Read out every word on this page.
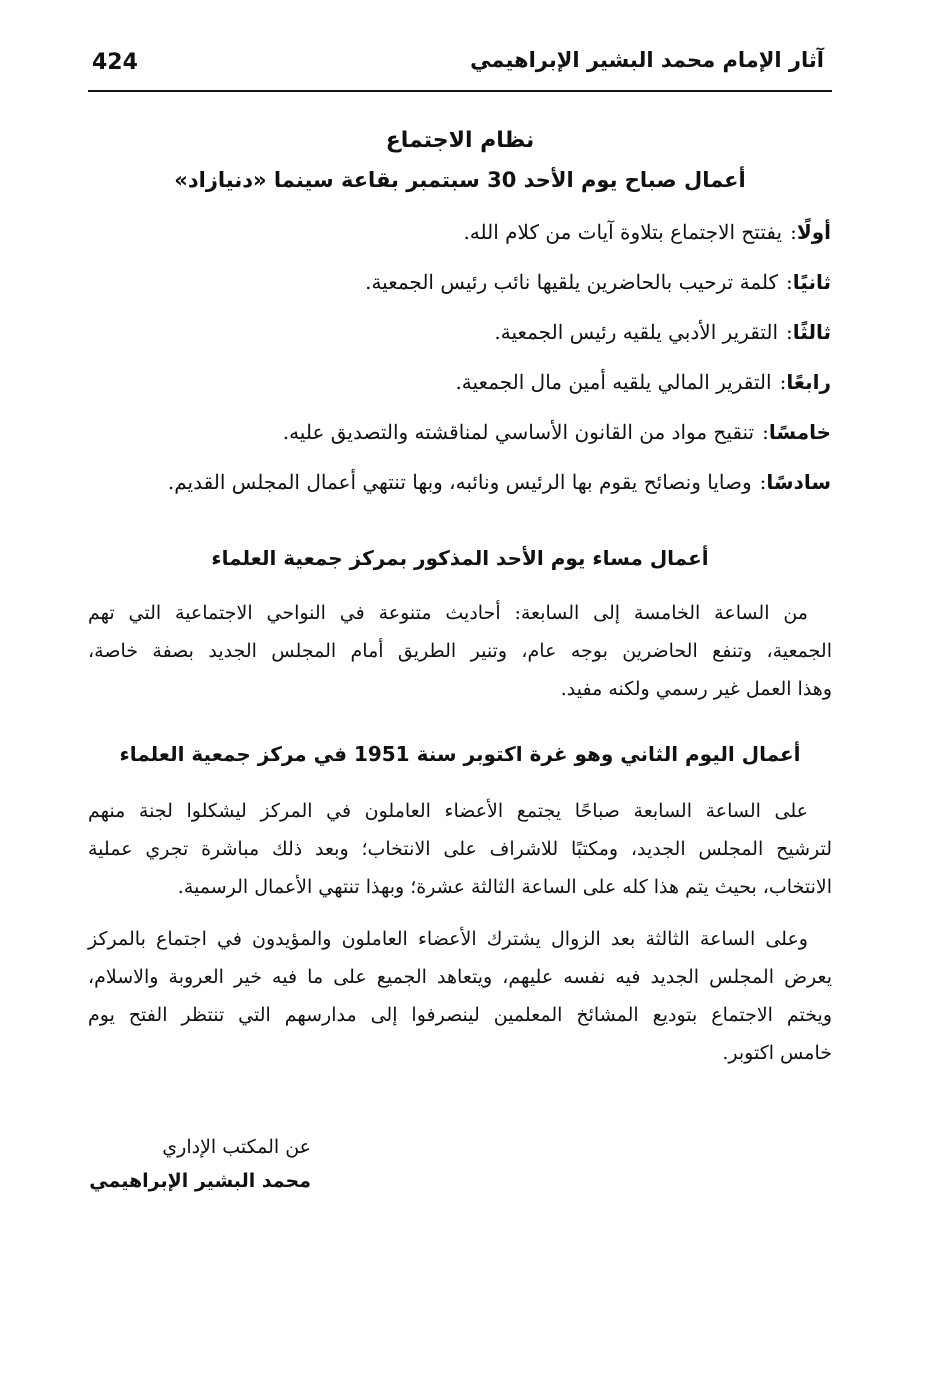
424	آثار الإمام محمد البشير الإبراهيمي
نظام الاجتماع
أعمال صباح يوم الأحد 30 سبتمبر بقاعة سينما «دنيازاد»
أولًا:يفتتح الاجتماع بتلاوة آيات من كلام الله.
ثانيًا:كلمة ترحيب بالحاضرين يلقيها نائب رئيس الجمعية.
ثالثًا:التقرير الأدبي يلقيه رئيس الجمعية.
رابعًا:التقرير المالي يلقيه أمين مال الجمعية.
خامسًا:تنقيح مواد من القانون الأساسي لمناقشته والتصديق عليه.
سادسًا:وصايا ونصائح يقوم بها الرئيس ونائبه، وبها تنتهي أعمال المجلس القديم.
أعمال مساء يوم الأحد المذكور بمركز جمعية العلماء

من الساعة الخامسة إلى السابعة: أحاديث متنوعة في النواحي الاجتماعية التي تهم
الجمعية، وتنفع الحاضرين بوجه عام، وتنير الطريق أمام المجلس الجديد بصفة خاصة،
وهذا العمل غير رسمي ولكنه مفيد.

أعمال اليوم الثاني وهو غرة اكتوبر سنة 1951 في مركز جمعية العلماء

على الساعة السابعة صباحًا يجتمع الأعضاء العاملون في المركز ليشكلوا لجنة منهم
لترشيح المجلس الجديد، ومكتبًا للاشراف على الانتخاب؛ وبعد ذلك مباشرة تجري عملية
الانتخاب، بحيث يتم هذا كله على الساعة الثالثة عشرة؛ وبهذا تنتهي الأعمال الرسمية.

وعلى الساعة الثالثة بعد الزوال يشترك الأعضاء العاملون والمؤيدون في اجتماع بالمركز
يعرض المجلس الجديد فيه نفسه عليهم، ويتعاهد الجميع على ما فيه خير العروبة والاسلام،
ويختم الاجتماع بتوديع المشائخ المعلمين لينصرفوا إلى مدارسهم التي تنتظر الفتح يوم
خامس اكتوبر.

عن المكتب الإداري
محمد البشير الإبراهيمي
